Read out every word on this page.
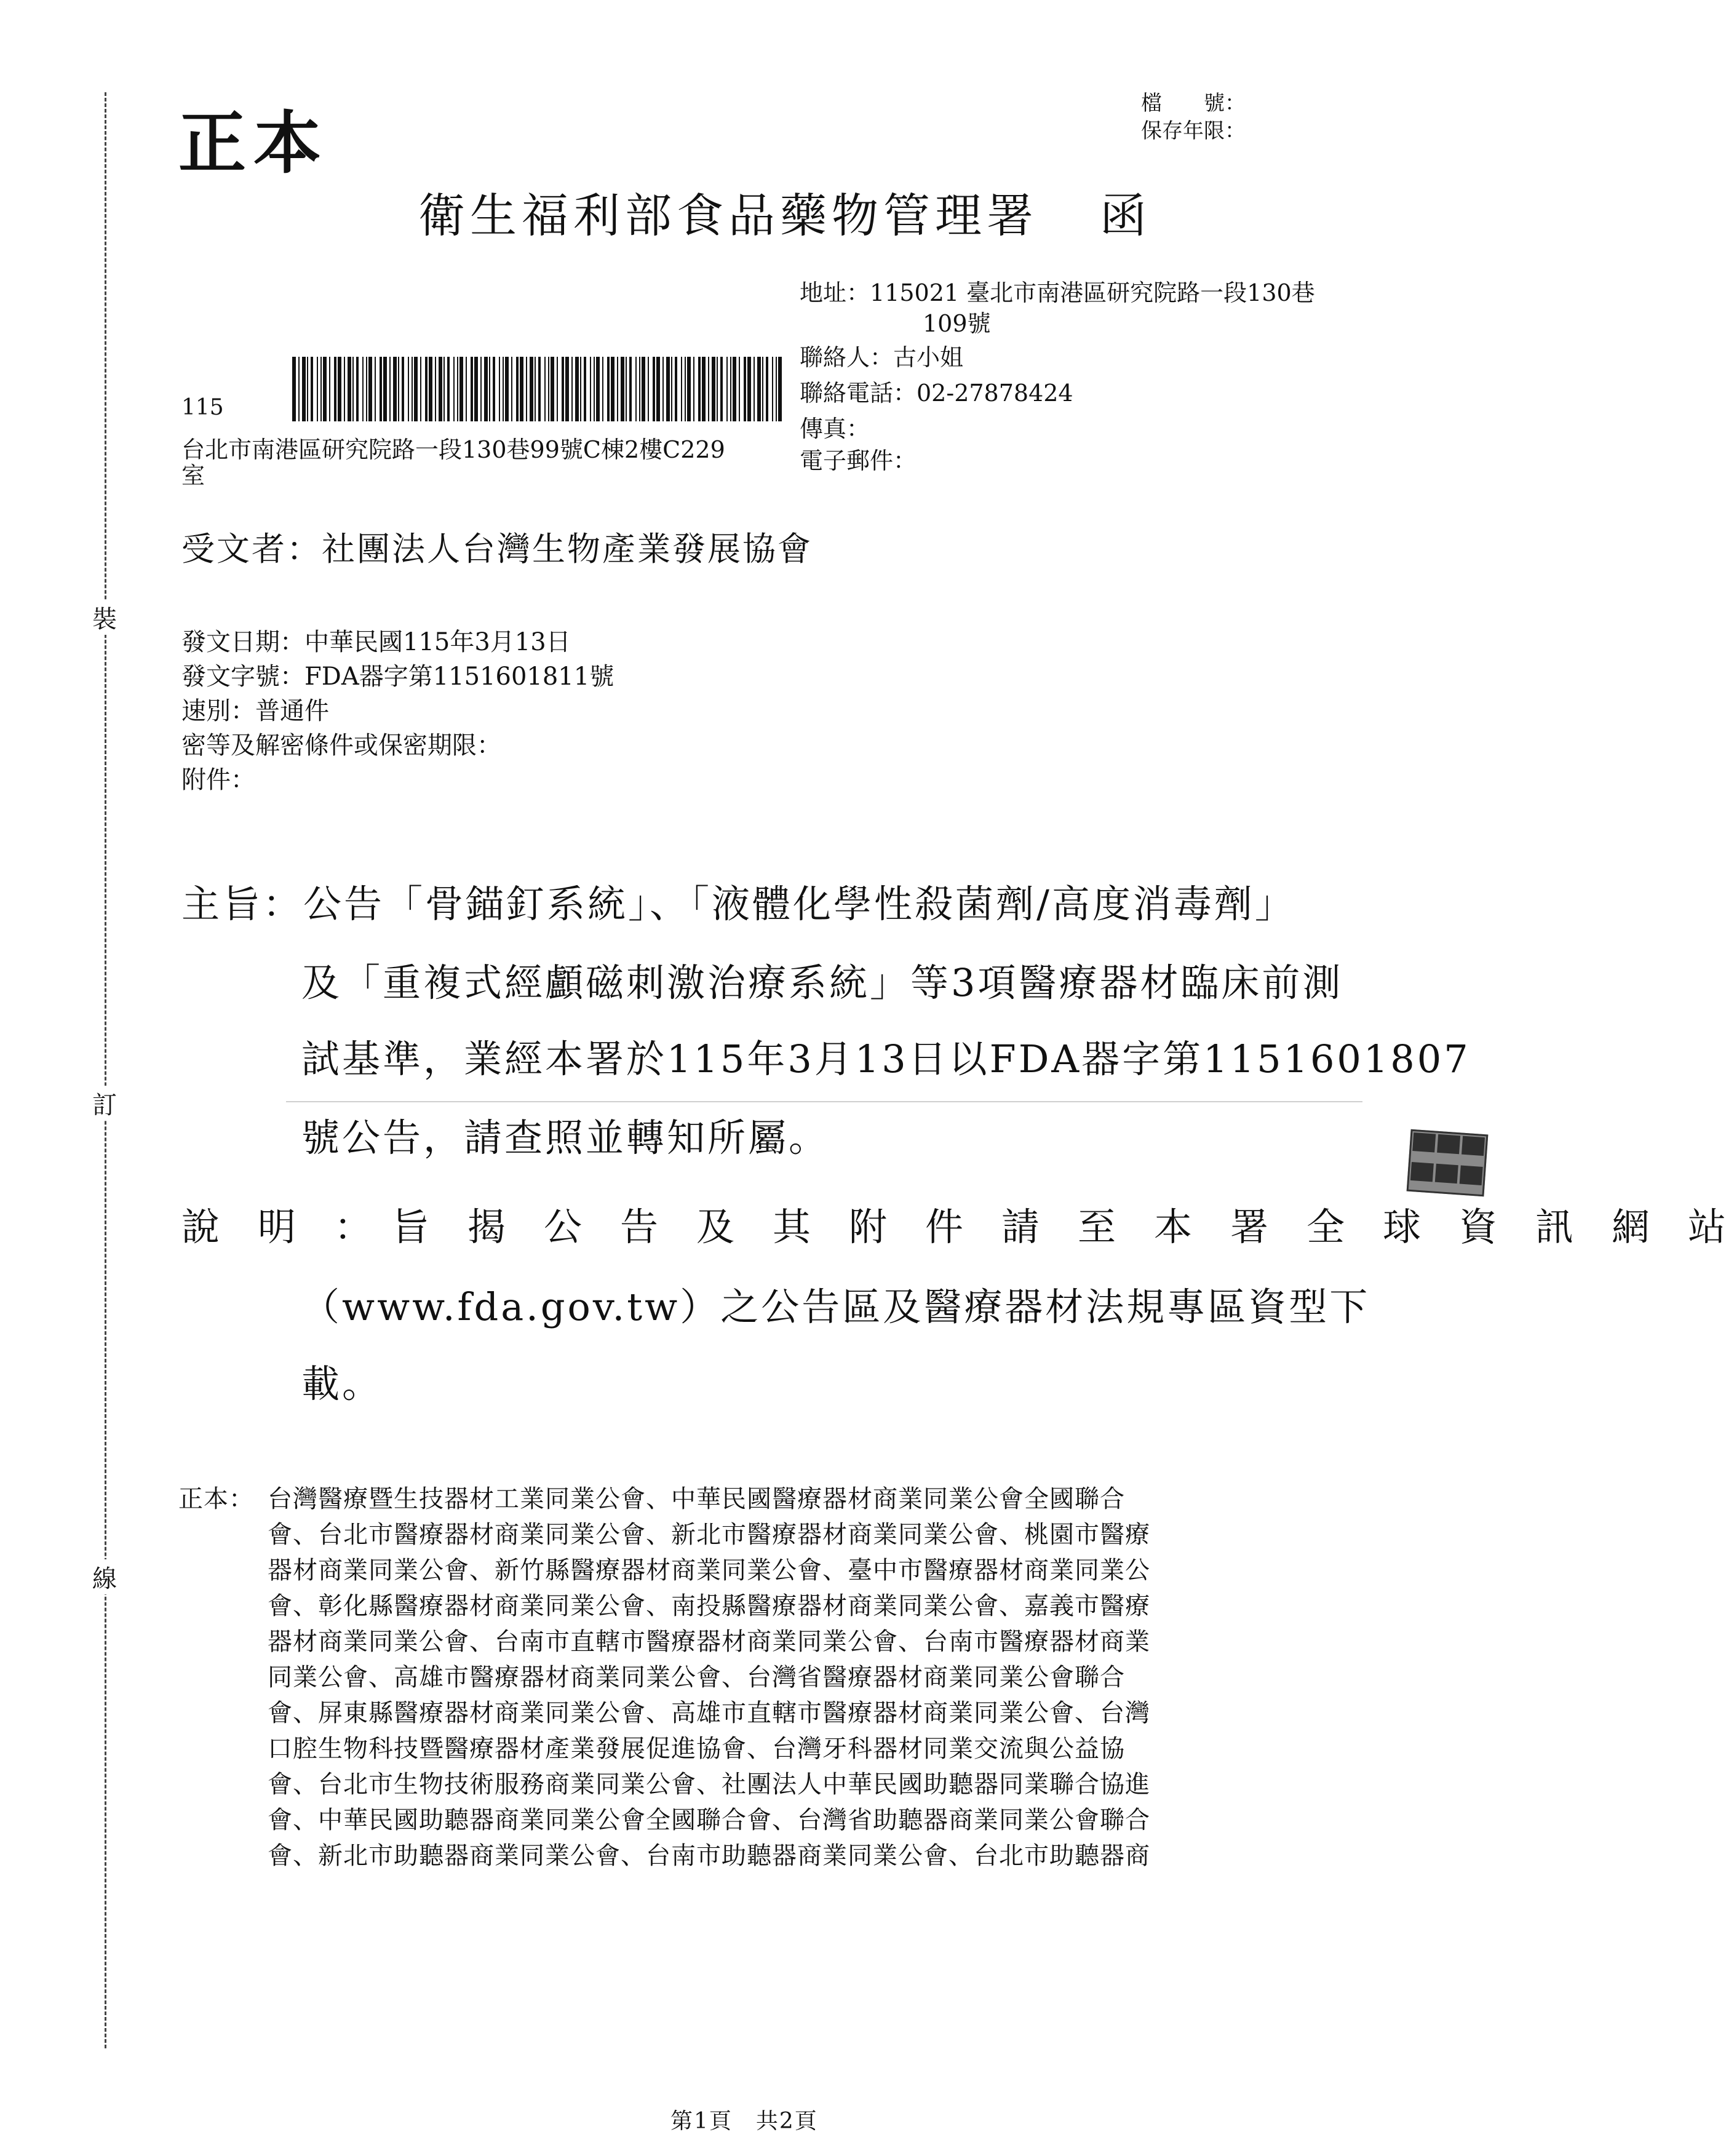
裝
訂
線
正本	檔　　號：
保存年限：
衛生福利部食品藥物管理署 函
地址：115021 臺北市南港區研究院路一段130巷
109號
聯絡人：古小姐
聯絡電話：02-27878424
傳真：
電子郵件：
115
台北市南港區研究院路一段130巷99號C棟2樓C229
室
受文者：社團法人台灣生物產業發展協會
發文日期：中華民國115年3月13日
發文字號：FDA器字第1151601811號
速別：普通件
密等及解密條件或保密期限：
附件：
主旨：公告「骨錨釘系統」、「液體化學性殺菌劑/高度消毒劑」
及「重複式經顱磁刺激治療系統」等3項醫療器材臨床前測
試基準，業經本署於115年3月13日以FDA器字第1151601807
號公告，請查照並轉知所屬。
說　明　：　旨　揭　公　告　及　其　附　件　請　至　本　署　全　球　資　訊　網　站
（www.fda.gov.tw）之公告區及醫療器材法規專區資型下
載。
正本： 台灣醫療暨生技器材工業同業公會、中華民國醫療器材商業同業公會全國聯合
會、台北市醫療器材商業同業公會、新北市醫療器材商業同業公會、桃園市醫療
器材商業同業公會、新竹縣醫療器材商業同業公會、臺中市醫療器材商業同業公
會、彰化縣醫療器材商業同業公會、南投縣醫療器材商業同業公會、嘉義市醫療
器材商業同業公會、台南市直轄市醫療器材商業同業公會、台南市醫療器材商業
同業公會、高雄市醫療器材商業同業公會、台灣省醫療器材商業同業公會聯合
會、屏東縣醫療器材商業同業公會、高雄市直轄市醫療器材商業同業公會、台灣
口腔生物科技暨醫療器材產業發展促進協會、台灣牙科器材同業交流與公益協
會、台北市生物技術服務商業同業公會、社團法人中華民國助聽器同業聯合協進
會、中華民國助聽器商業同業公會全國聯合會、台灣省助聽器商業同業公會聯合
會、新北市助聽器商業同業公會、台南市助聽器商業同業公會、台北市助聽器商
第1頁　共2頁
